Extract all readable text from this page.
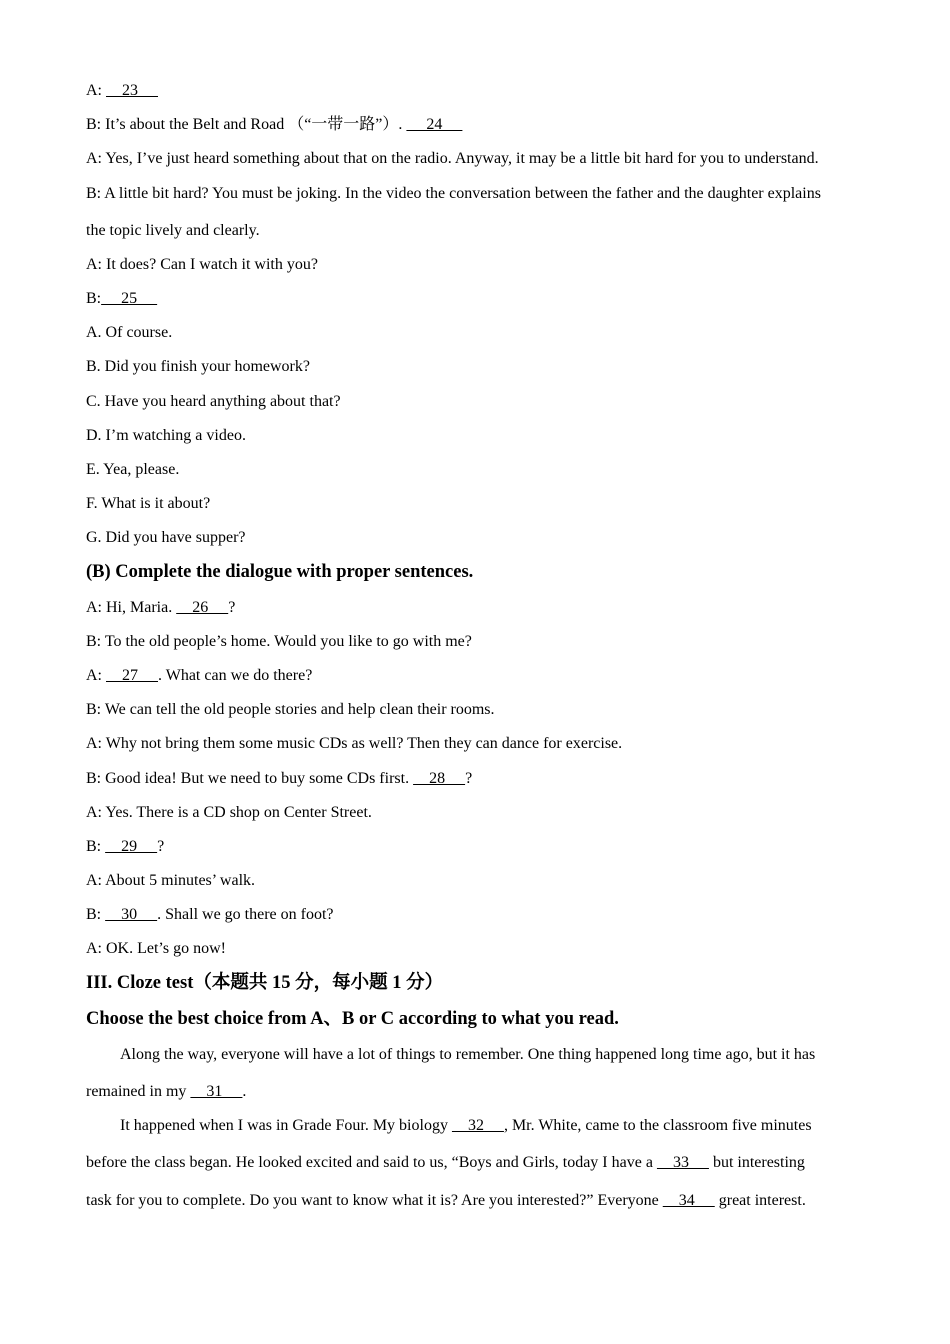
A:     23
B: It’s about the Belt and Road （“一带一路”）.      24
A: Yes, I’ve just heard something about that on the radio. Anyway, it may be a little bit hard for you to understand.
B: A little bit hard? You must be joking. In the video the conversation between the father and the daughter explains
the topic lively and clearly.
A: It does? Can I watch it with you?
B:     25
A. Of course.
B. Did you finish your homework?
C. Have you heard anything about that?
D. I’m watching a video.
E. Yea, please.
F. What is it about?
G. Did you have supper?
(B) Complete the dialogue with proper sentences.
A: Hi, Maria.     26     ?
B: To the old people’s home. Would you like to go with me?
A:     27     . What can we do there?
B: We can tell the old people stories and help clean their rooms.
A: Why not bring them some music CDs as well? Then they can dance for exercise.
B: Good idea! But we need to buy some CDs first.     28     ?
A: Yes. There is a CD shop on Center Street.
B:     29     ?
A: About 5 minutes’ walk.
B:     30     . Shall we go there on foot?
A: OK. Let’s go now!
III. Cloze test（本题共 15 分，每小题 1 分）
Choose the best choice from A、B or C according to what you read.
Along the way, everyone will have a lot of things to remember. One thing happened long time ago, but it has
remained in my     31     .
It happened when I was in Grade Four. My biology     32     , Mr. White, came to the classroom five minutes
before the class began. He looked excited and said to us, “Boys and Girls, today I have a     33      but interesting
task for you to complete. Do you want to know what it is? Are you interested?” Everyone     34      great interest.
